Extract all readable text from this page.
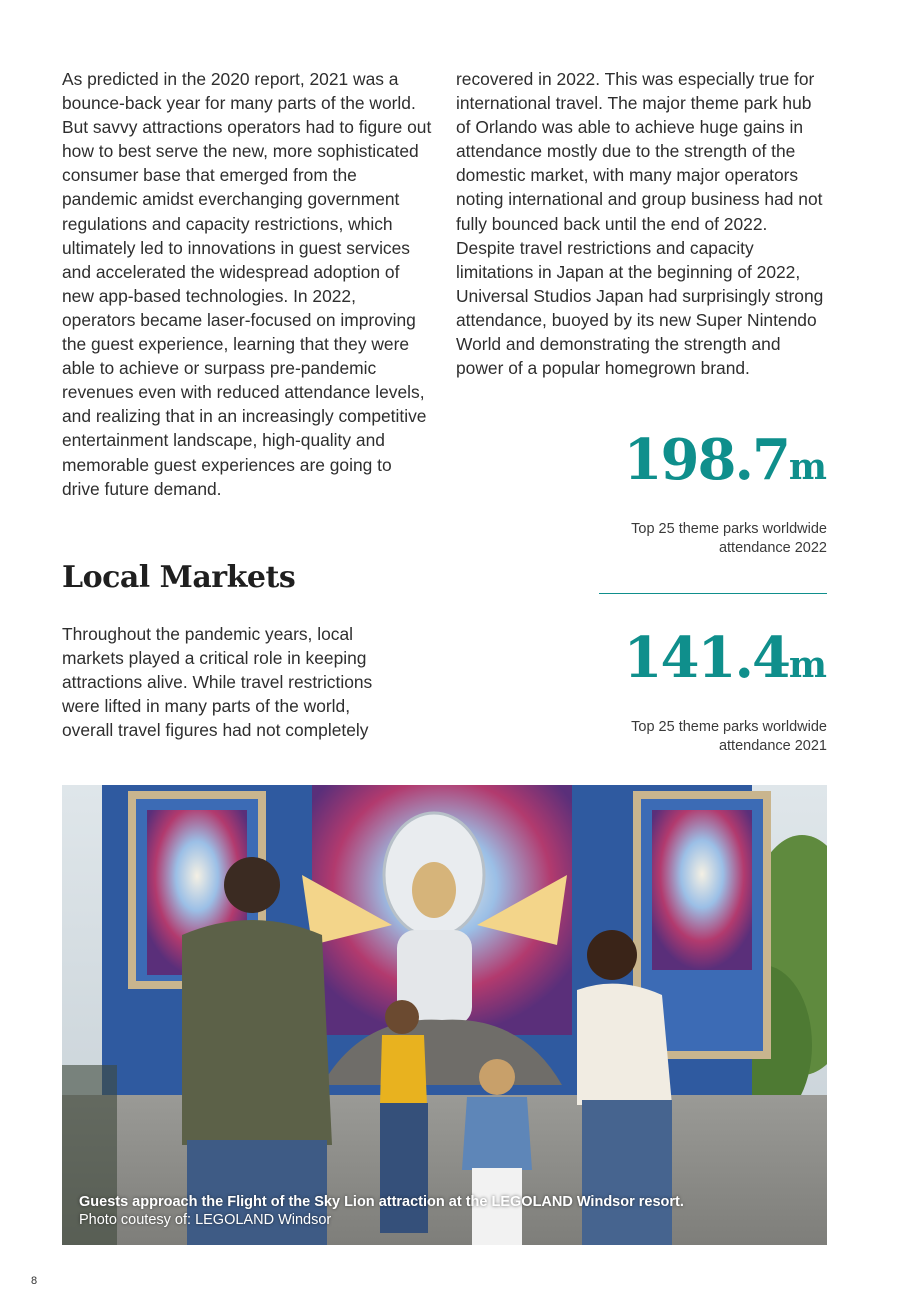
As predicted in the 2020 report, 2021 was a bounce-back year for many parts of the world. But savvy attractions operators had to figure out how to best serve the new, more sophisticated consumer base that emerged from the pandemic amidst everchanging government regulations and capacity restrictions, which ultimately led to innovations in guest services and accelerated the widespread adoption of new app-based technologies. In 2022, operators became laser-focused on improving the guest experience, learning that they were able to achieve or surpass pre-pandemic revenues even with reduced attendance levels, and realizing that in an increasingly competitive entertainment landscape, high-quality and memorable guest experiences are going to drive future demand.

Local Markets

Throughout the pandemic years, local markets played a critical role in keeping attractions alive. While travel restrictions were lifted in many parts of the world, overall travel figures had not completely

recovered in 2022. This was especially true for international travel. The major theme park hub of Orlando was able to achieve huge gains in attendance mostly due to the strength of the domestic market, with many major operators noting international and group business had not fully bounced back until the end of 2022. Despite travel restrictions and capacity limitations in Japan at the beginning of 2022, Universal Studios Japan had surprisingly strong attendance, buoyed by its new Super Nintendo World and demonstrating the strength and power of a popular homegrown brand.

198.7m

Top 25 theme parks worldwide attendance 2022

141.4m

Top 25 theme parks worldwide attendance 2021

Guests approach the Flight of the Sky Lion attraction at the LEGOLAND Windsor resort.
Photo coutesy of: LEGOLAND Windsor
8
